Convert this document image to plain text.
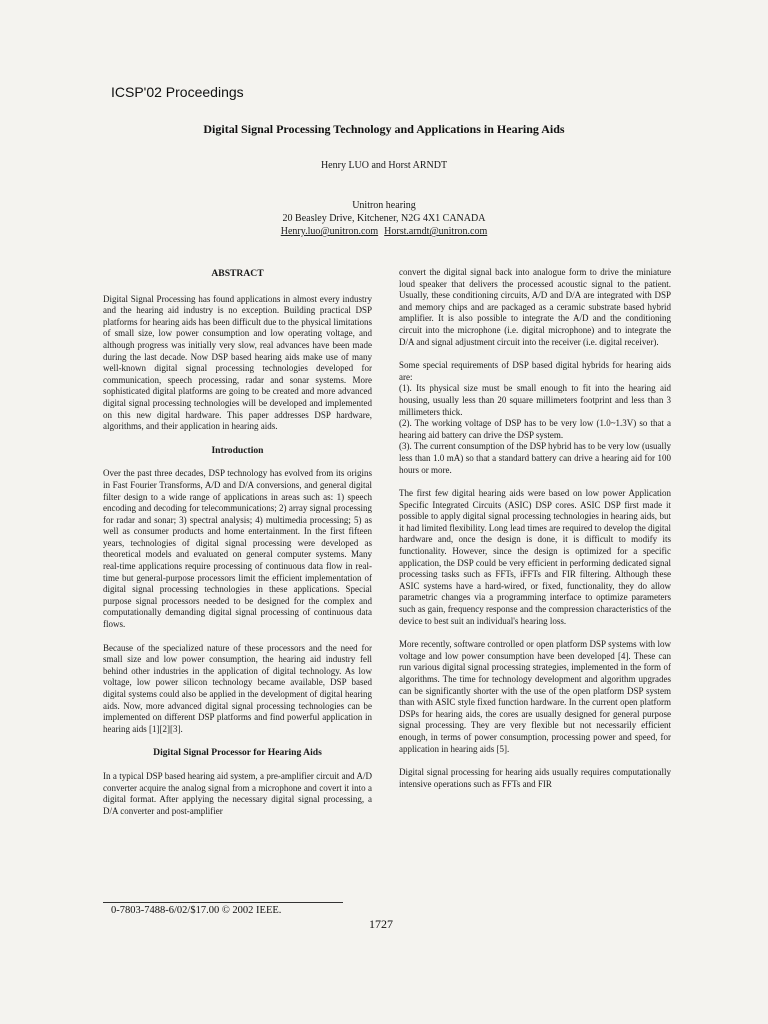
ICSP'02 Proceedings
Digital Signal Processing Technology and Applications in Hearing Aids
Henry LUO and Horst ARNDT
Unitron hearing
20 Beasley Drive, Kitchener, N2G 4X1 CANADA
Henry.luo@unitron.com Horst.arndt@unitron.com

ABSTRACT

Digital Signal Processing has found applications in almost every industry and the hearing aid industry is no exception. Building practical DSP platforms for hearing aids has been difficult due to the physical limitations of small size, low power consumption and low operating voltage, and although progress was initially very slow, real advances have been made during the last decade. Now DSP based hearing aids make use of many well-known digital signal processing technologies developed for communication, speech processing, radar and sonar systems. More sophisticated digital platforms are going to be created and more advanced digital signal processing technologies will be developed and implemented on this new digital hardware. This paper addresses DSP hardware, algorithms, and their application in hearing aids.

Introduction

Over the past three decades, DSP technology has evolved from its origins in Fast Fourier Transforms, A/D and D/A conversions, and general digital filter design to a wide range of applications in areas such as: 1) speech encoding and decoding for telecommunications; 2) array signal processing for radar and sonar; 3) spectral analysis; 4) multimedia processing; 5) as well as consumer products and home entertainment. In the first fifteen years, technologies of digital signal processing were developed as theoretical models and evaluated on general computer systems. Many real-time applications require processing of continuous data flow in real-time but general-purpose processors limit the efficient implementation of digital signal processing technologies in these applications. Special purpose signal processors needed to be designed for the complex and computationally demanding digital signal processing of continuous data flows.

Because of the specialized nature of these processors and the need for small size and low power consumption, the hearing aid industry fell behind other industries in the application of digital technology. As low voltage, low power silicon technology became available, DSP based digital systems could also be applied in the development of digital hearing aids. Now, more advanced digital signal processing technologies can be implemented on different DSP platforms and find powerful application in hearing aids [1][2][3].

Digital Signal Processor for Hearing Aids

In a typical DSP based hearing aid system, a pre-amplifier circuit and A/D converter acquire the analog signal from a microphone and covert it into a digital format. After applying the necessary digital signal processing, a D/A converter and post-amplifier

convert the digital signal back into analogue form to drive the miniature loud speaker that delivers the processed acoustic signal to the patient. Usually, these conditioning circuits, A/D and D/A are integrated with DSP and memory chips and are packaged as a ceramic substrate based hybrid amplifier. It is also possible to integrate the A/D and the conditioning circuit into the microphone (i.e. digital microphone) and to integrate the D/A and signal adjustment circuit into the receiver (i.e. digital receiver).

Some special requirements of DSP based digital hybrids for hearing aids are:

(1). Its physical size must be small enough to fit into the hearing aid housing, usually less than 20 square millimeters footprint and less than 3 millimeters thick.

(2). The working voltage of DSP has to be very low (1.0~1.3V) so that a hearing aid battery can drive the DSP system.

(3). The current consumption of the DSP hybrid has to be very low (usually less than 1.0 mA) so that a standard battery can drive a hearing aid for 100 hours or more.

The first few digital hearing aids were based on low power Application Specific Integrated Circuits (ASIC) DSP cores. ASIC DSP first made it possible to apply digital signal processing technologies in hearing aids, but it had limited flexibility. Long lead times are required to develop the digital hardware and, once the design is done, it is difficult to modify its functionality. However, since the design is optimized for a specific application, the DSP could be very efficient in performing dedicated signal processing tasks such as FFTs, iFFTs and FIR filtering. Although these ASIC systems have a hard-wired, or fixed, functionality, they do allow parametric changes via a programming interface to optimize parameters such as gain, frequency response and the compression characteristics of the device to best suit an individual's hearing loss.

More recently, software controlled or open platform DSP systems with low voltage and low power consumption have been developed [4]. These can run various digital signal processing strategies, implemented in the form of algorithms. The time for technology development and algorithm upgrades can be significantly shorter with the use of the open platform DSP system than with ASIC style fixed function hardware. In the current open platform DSPs for hearing aids, the cores are usually designed for general purpose signal processing. They are very flexible but not necessarily efficient enough, in terms of power consumption, processing power and speed, for application in hearing aids [5].

Digital signal processing for hearing aids usually requires computationally intensive operations such as FFTs and FIR

0-7803-7488-6/02/$17.00 © 2002 IEEE.
1727
